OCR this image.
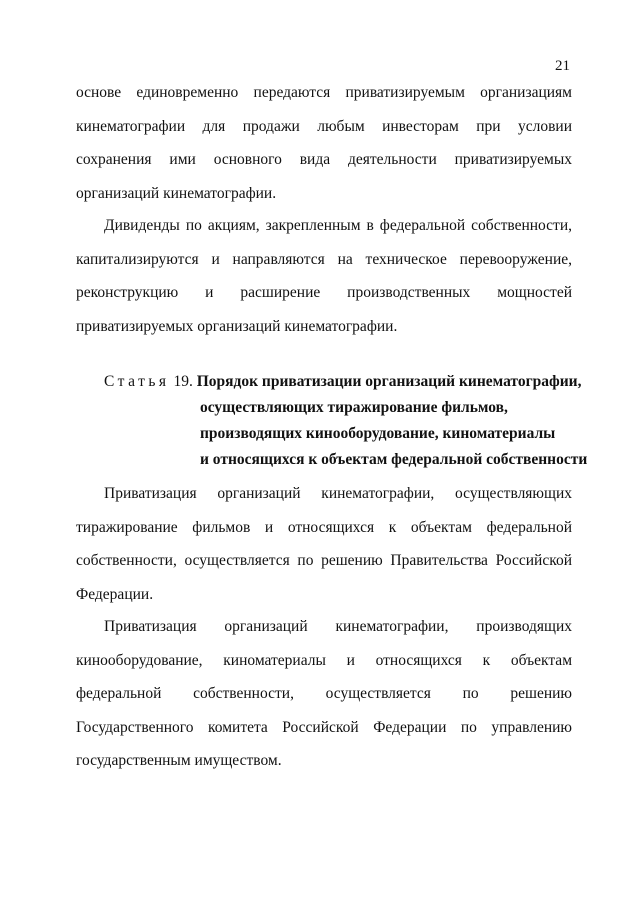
21
основе единовременно передаются приватизируемым организациям
кинематографии для продажи любым инвесторам при условии
сохранения ими основного вида деятельности приватизируемых
организаций кинематографии.
Дивиденды по акциям, закрепленным в федеральной собственности,
капитализируются и направляются на техническое перевооружение,
реконструкцию и расширение производственных мощностей
приватизируемых организаций кинематографии.
Статья 19. Порядок приватизации организаций кинематографии,
осуществляющих тиражирование фильмов,
производящих кинооборудование, киноматериалы
и относящихся к объектам федеральной собственности
Приватизация организаций кинематографии, осуществляющих
тиражирование фильмов и относящихся к объектам федеральной
собственности, осуществляется по решению Правительства Российской
Федерации.
Приватизация организаций кинематографии, производящих
кинооборудование, киноматериалы и относящихся к объектам
федеральной собственности, осуществляется по решению
Государственного комитета Российской Федерации по управлению
государственным имуществом.
